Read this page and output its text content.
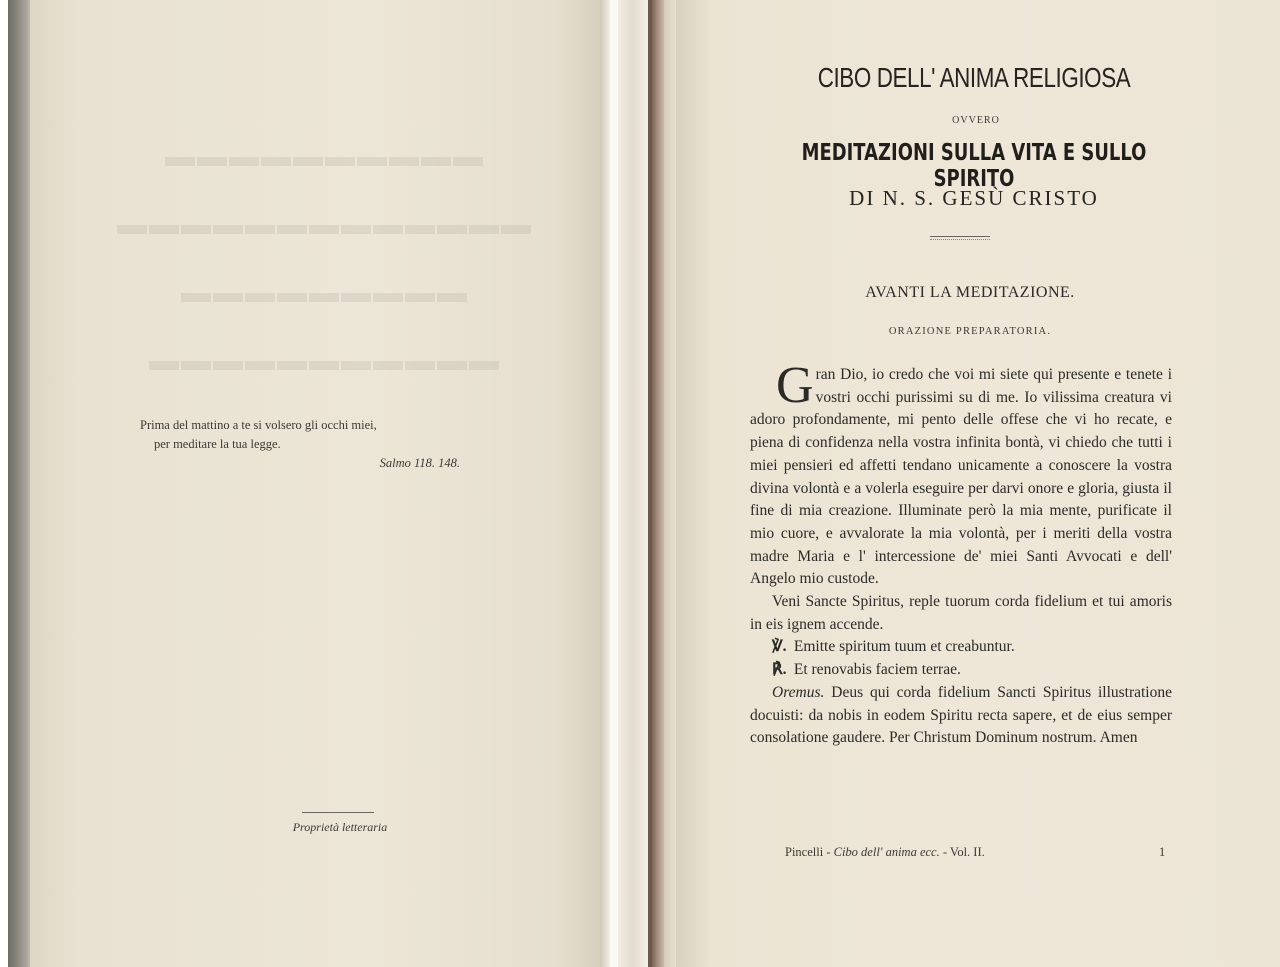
▬▬▬▬▬▬▬▬▬▬
▬▬▬▬▬▬▬▬▬▬▬▬▬
▬▬▬▬▬▬▬▬▬
▬▬▬▬▬▬▬▬▬▬▬
Prima del mattino a te si volsero gli occhi miei,
per meditare la tua legge.
Salmo 118. 148.
Proprietà letteraria
CIBO DELL' ANIMA RELIGIOSA
OVVERO
MEDITAZIONI SULLA VITA E SULLO SPIRITO
DI N. S. GESÙ CRISTO
AVANTI LA MEDITAZIONE.
ORAZIONE PREPARATORIA.

Gran Dio, io credo che voi mi siete qui presente e tenete i vostri occhi purissimi su di me. Io vilissima creatura vi adoro profondamente, mi pento delle offese che vi ho recate, e piena di confidenza nella vostra infinita bontà, vi chiedo che tutti i miei pensieri ed affetti tendano unicamente a conoscere la vostra divina volontà e a volerla eseguire per darvi onore e gloria, giusta il fine di mia creazione. Illuminate però la mia mente, purificate il mio cuore, e avvalorate la mia volontà, per i meriti della vostra madre Maria e l' intercessione de' miei Santi Avvocati e dell' Angelo mio custode.

Veni Sancte Spiritus, reple tuorum corda fidelium et tui amoris in eis ignem accende.

℣. Emitte spiritum tuum et creabuntur.

℟. Et renovabis faciem terrae.

Oremus. Deus qui corda fidelium Sancti Spiritus illustratione docuisti: da nobis in eodem Spiritu recta sapere, et de eius semper consolatione gaudere. Per Christum Dominum nostrum. Amen

Pincelli - Cibo dell' anima ecc. - Vol. II.	1
